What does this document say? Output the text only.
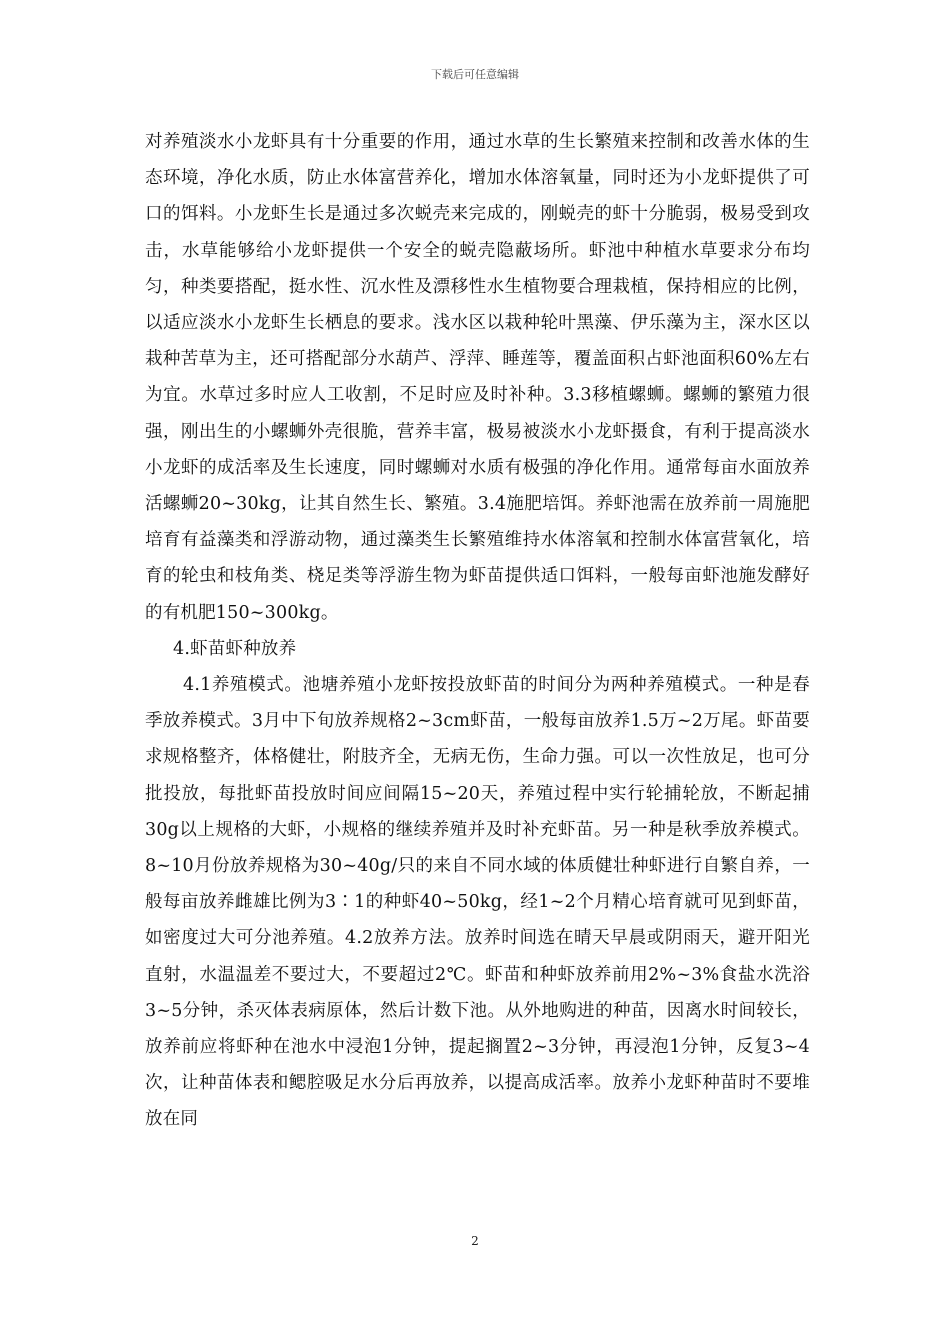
下载后可任意编辑

对养殖淡水小龙虾具有十分重要的作用，通过水草的生长繁殖来控制和改善水体的生态环境，净化水质，防止水体富营养化，增加水体溶氧量，同时还为小龙虾提供了可口的饵料。小龙虾生长是通过多次蜕壳来完成的，刚蜕壳的虾十分脆弱，极易受到攻击，水草能够给小龙虾提供一个安全的蜕壳隐蔽场所。虾池中种植水草要求分布均匀，种类要搭配，挺水性、沉水性及漂移性水生植物要合理栽植，保持相应的比例，以适应淡水小龙虾生长栖息的要求。浅水区以栽种轮叶黑藻、伊乐藻为主，深水区以栽种苦草为主，还可搭配部分水葫芦、浮萍、睡莲等，覆盖面积占虾池面积60%左右为宜。水草过多时应人工收割，不足时应及时补种。3.3移植螺蛳。螺蛳的繁殖力很强，刚出生的小螺蛳外壳很脆，营养丰富，极易被淡水小龙虾摄食，有利于提高淡水小龙虾的成活率及生长速度，同时螺蛳对水质有极强的净化作用。通常每亩水面放养活螺蛳20~30kg，让其自然生长、繁殖。3.4施肥培饵。养虾池需在放养前一周施肥培育有益藻类和浮游动物，通过藻类生长繁殖维持水体溶氧和控制水体富营氧化，培育的轮虫和枝角类、桡足类等浮游生物为虾苗提供适口饵料，一般每亩虾池施发酵好的有机肥150~300kg。

4.虾苗虾种放养

4.1养殖模式。池塘养殖小龙虾按投放虾苗的时间分为两种养殖模式。一种是春季放养模式。3月中下旬放养规格2~3cm虾苗，一般每亩放养1.5万~2万尾。虾苗要求规格整齐，体格健壮，附肢齐全，无病无伤，生命力强。可以一次性放足，也可分批投放，每批虾苗投放时间应间隔15~20天，养殖过程中实行轮捕轮放，不断起捕30g以上规格的大虾，小规格的继续养殖并及时补充虾苗。另一种是秋季放养模式。8~10月份放养规格为30~40g/只的来自不同水域的体质健壮种虾进行自繁自养，一般每亩放养雌雄比例为3∶1的种虾40~50kg，经1~2个月精心培育就可见到虾苗，如密度过大可分池养殖。4.2放养方法。放养时间选在晴天早晨或阴雨天，避开阳光直射，水温温差不要过大，不要超过2℃。虾苗和种虾放养前用2%~3%食盐水洗浴3~5分钟，杀灭体表病原体，然后计数下池。从外地购进的种苗，因离水时间较长，放养前应将虾种在池水中浸泡1分钟，提起搁置2~3分钟，再浸泡1分钟，反复3~4次，让种苗体表和鳃腔吸足水分后再放养，以提高成活率。放养小龙虾种苗时不要堆放在同

2
